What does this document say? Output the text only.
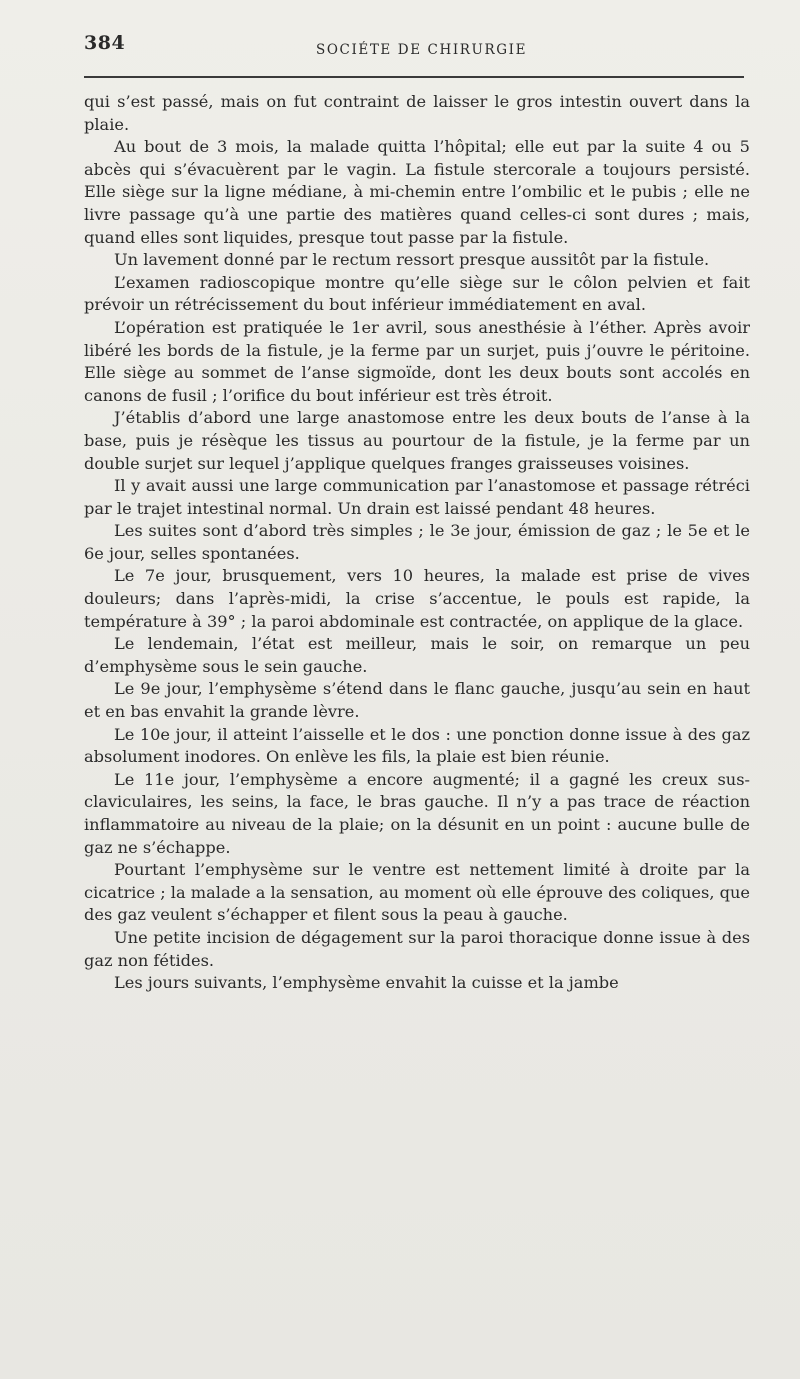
384	SOCIÉTE DE CHIRURGIE

qui s’est passé, mais on fut contraint de laisser le gros intestin ouvert dans la plaie.

Au bout de 3 mois, la malade quitta l’hôpital; elle eut par la suite 4 ou 5 abcès qui s’évacuèrent par le vagin. La fistule stercorale a toujours persisté. Elle siège sur la ligne médiane, à mi-chemin entre l’ombilic et le pubis ; elle ne livre passage qu’à une partie des matières quand celles-ci sont dures ; mais, quand elles sont liquides, presque tout passe par la fistule.

Un lavement donné par le rectum ressort presque aussitôt par la fistule.

L’examen radioscopique montre qu’elle siège sur le côlon pelvien et fait prévoir un rétrécissement du bout inférieur immédiatement en aval.

L’opération est pratiquée le 1er avril, sous anesthésie à l’éther. Après avoir libéré les bords de la fistule, je la ferme par un surjet, puis j’ouvre le péritoine. Elle siège au sommet de l’anse sigmoïde, dont les deux bouts sont accolés en canons de fusil ; l’orifice du bout inférieur est très étroit.

J’établis d’abord une large anastomose entre les deux bouts de l’anse à la base, puis je résèque les tissus au pourtour de la fistule, je la ferme par un double surjet sur lequel j’applique quelques franges graisseuses voisines.

Il y avait aussi une large communication par l’anastomose et passage rétréci par le trajet intestinal normal. Un drain est laissé pendant 48 heures.

Les suites sont d’abord très simples ; le 3e jour, émission de gaz ; le 5e et le 6e jour, selles spontanées.

Le 7e jour, brusquement, vers 10 heures, la malade est prise de vives douleurs; dans l’après-midi, la crise s’accentue, le pouls est rapide, la température à 39° ; la paroi abdominale est contractée, on applique de la glace.

Le lendemain, l’état est meilleur, mais le soir, on remarque un peu d’emphysème sous le sein gauche.

Le 9e jour, l’emphysème s’étend dans le flanc gauche, jusqu’au sein en haut et en bas envahit la grande lèvre.

Le 10e jour, il atteint l’aisselle et le dos : une ponction donne issue à des gaz absolument inodores. On enlève les fils, la plaie est bien réunie.

Le 11e jour, l’emphysème a encore augmenté; il a gagné les creux sus-claviculaires, les seins, la face, le bras gauche. Il n’y a pas trace de réaction inflammatoire au niveau de la plaie; on la désunit en un point : aucune bulle de gaz ne s’échappe.

Pourtant l’emphysème sur le ventre est nettement limité à droite par la cicatrice ; la malade a la sensation, au moment où elle éprouve des coliques, que des gaz veulent s’échapper et filent sous la peau à gauche.

Une petite incision de dégagement sur la paroi thoracique donne issue à des gaz non fétides.

Les jours suivants, l’emphysème envahit la cuisse et la jambe
